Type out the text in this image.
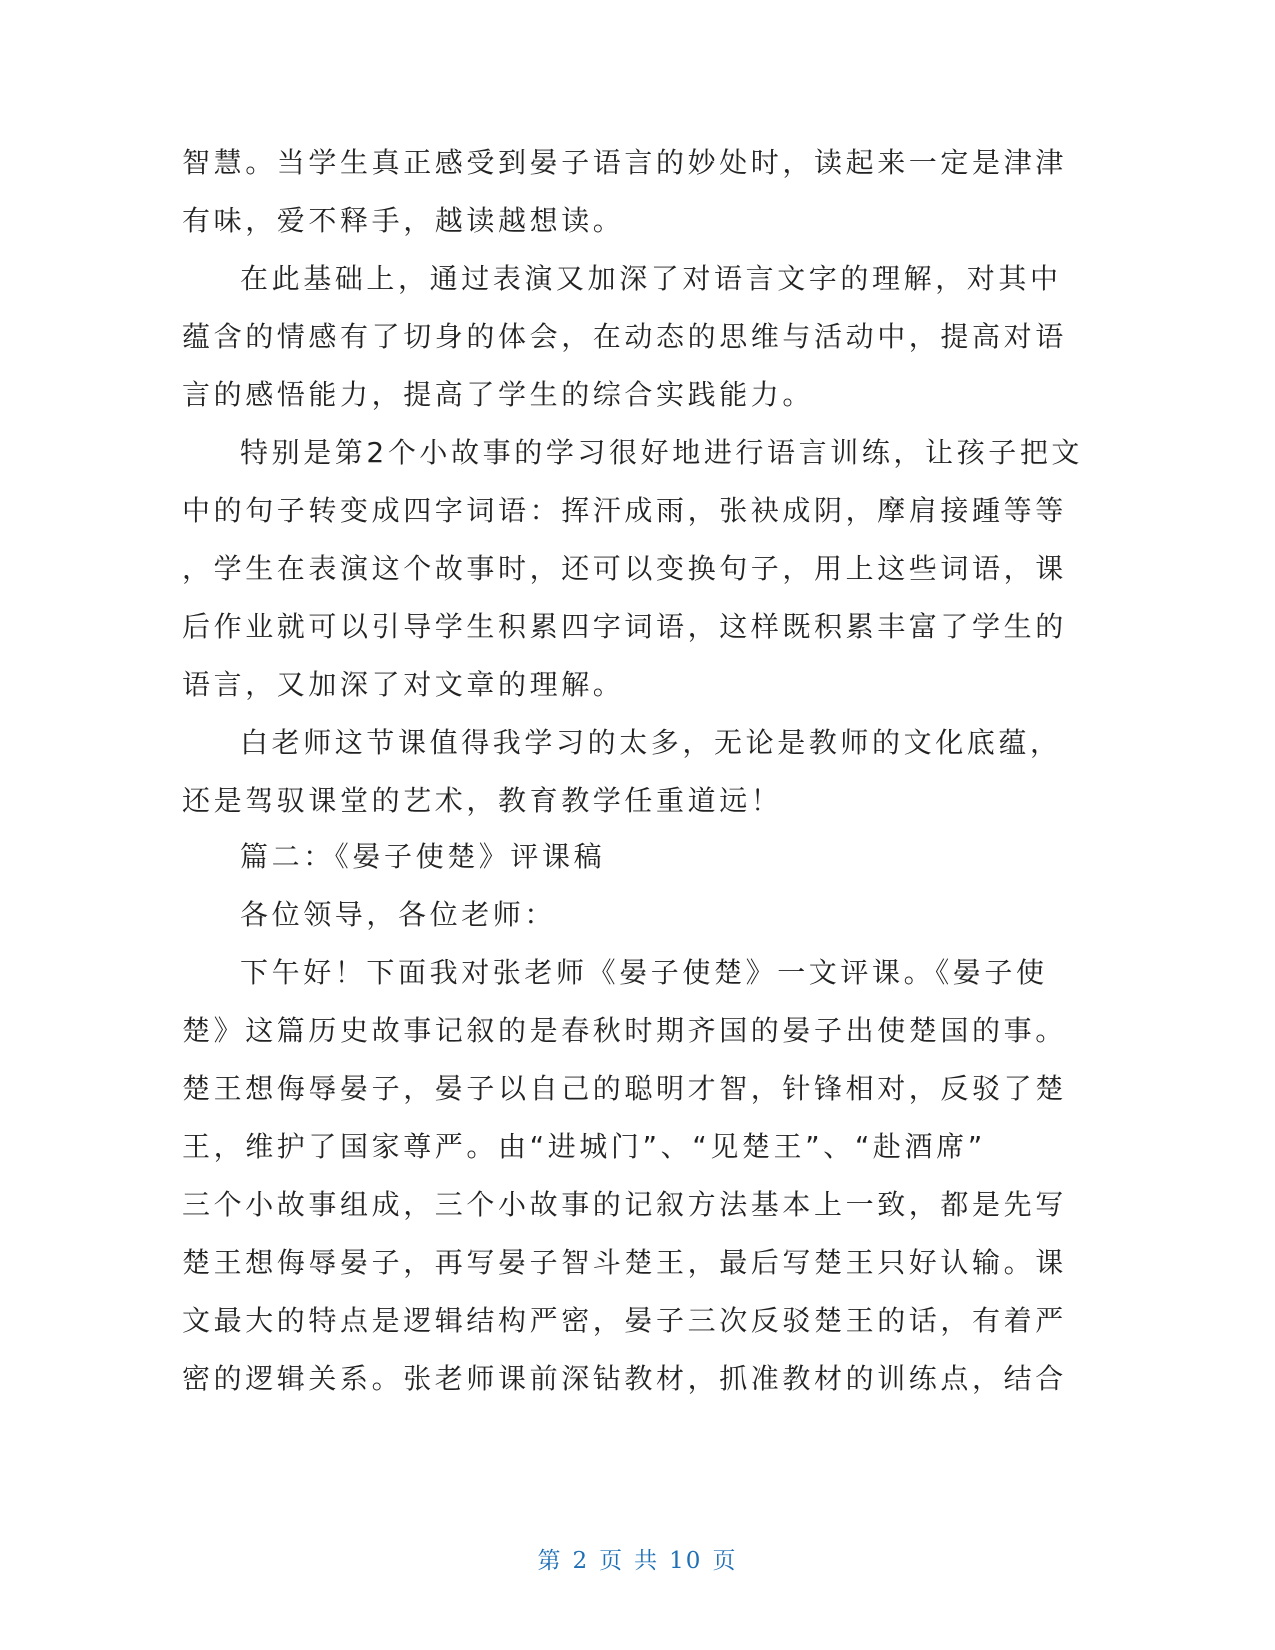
智慧。当学生真正感受到晏子语言的妙处时，读起来一定是津津
有味，爱不释手，越读越想读。
在此基础上，通过表演又加深了对语言文字的理解，对其中
蕴含的情感有了切身的体会，在动态的思维与活动中，提高对语
言的感悟能力，提高了学生的综合实践能力。
特别是第2个小故事的学习很好地进行语言训练，让孩子把文
中的句子转变成四字词语：挥汗成雨，张袂成阴，摩肩接踵等等
，学生在表演这个故事时，还可以变换句子，用上这些词语，课
后作业就可以引导学生积累四字词语，这样既积累丰富了学生的
语言，又加深了对文章的理解。
白老师这节课值得我学习的太多，无论是教师的文化底蕴，
还是驾驭课堂的艺术，教育教学任重道远！
篇二：《晏子使楚》评课稿
各位领导，各位老师：
下午好！下面我对张老师《晏子使楚》一文评课。《晏子使
楚》这篇历史故事记叙的是春秋时期齐国的晏子出使楚国的事。
楚王想侮辱晏子，晏子以自己的聪明才智，针锋相对，反驳了楚
王，维护了国家尊严。由“进城门”、“见楚王”、“赴酒席”
三个小故事组成，三个小故事的记叙方法基本上一致，都是先写
楚王想侮辱晏子，再写晏子智斗楚王，最后写楚王只好认输。课
文最大的特点是逻辑结构严密，晏子三次反驳楚王的话，有着严
密的逻辑关系。张老师课前深钻教材，抓准教材的训练点，结合
第 2 页 共 10 页
